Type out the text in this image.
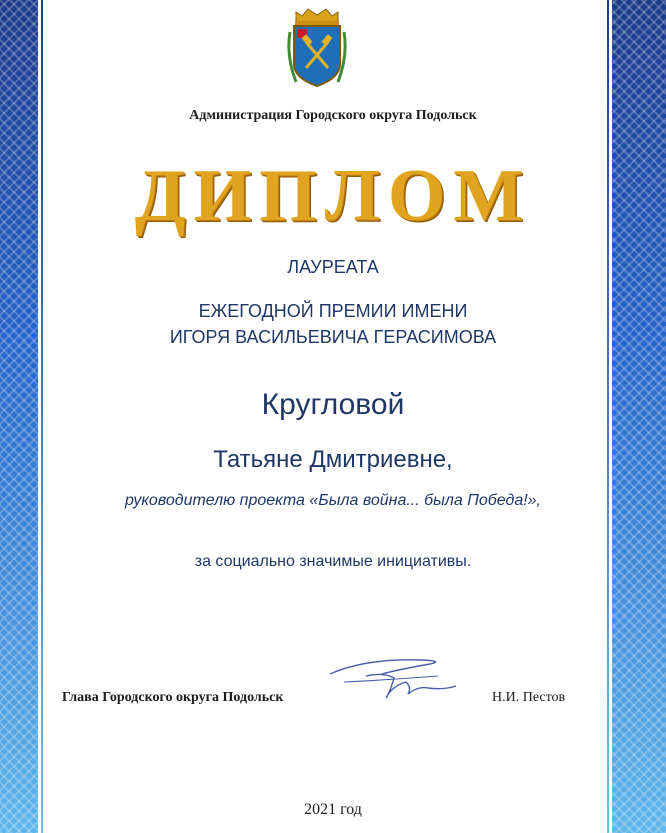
Администрация Городского округа Подольск
ДИПЛОМ
ЛАУРЕАТА
ЕЖЕГОДНОЙ ПРЕМИИ ИМЕНИ
ИГОРЯ ВАСИЛЬЕВИЧА ГЕРАСИМОВА
Кругловой
Татьяне Дмитриевне,
руководителю проекта «Была война... была Победа!»,
за социально значимые инициативы.
Глава Городского округа Подольск	Н.И. Пестов
2021 год
